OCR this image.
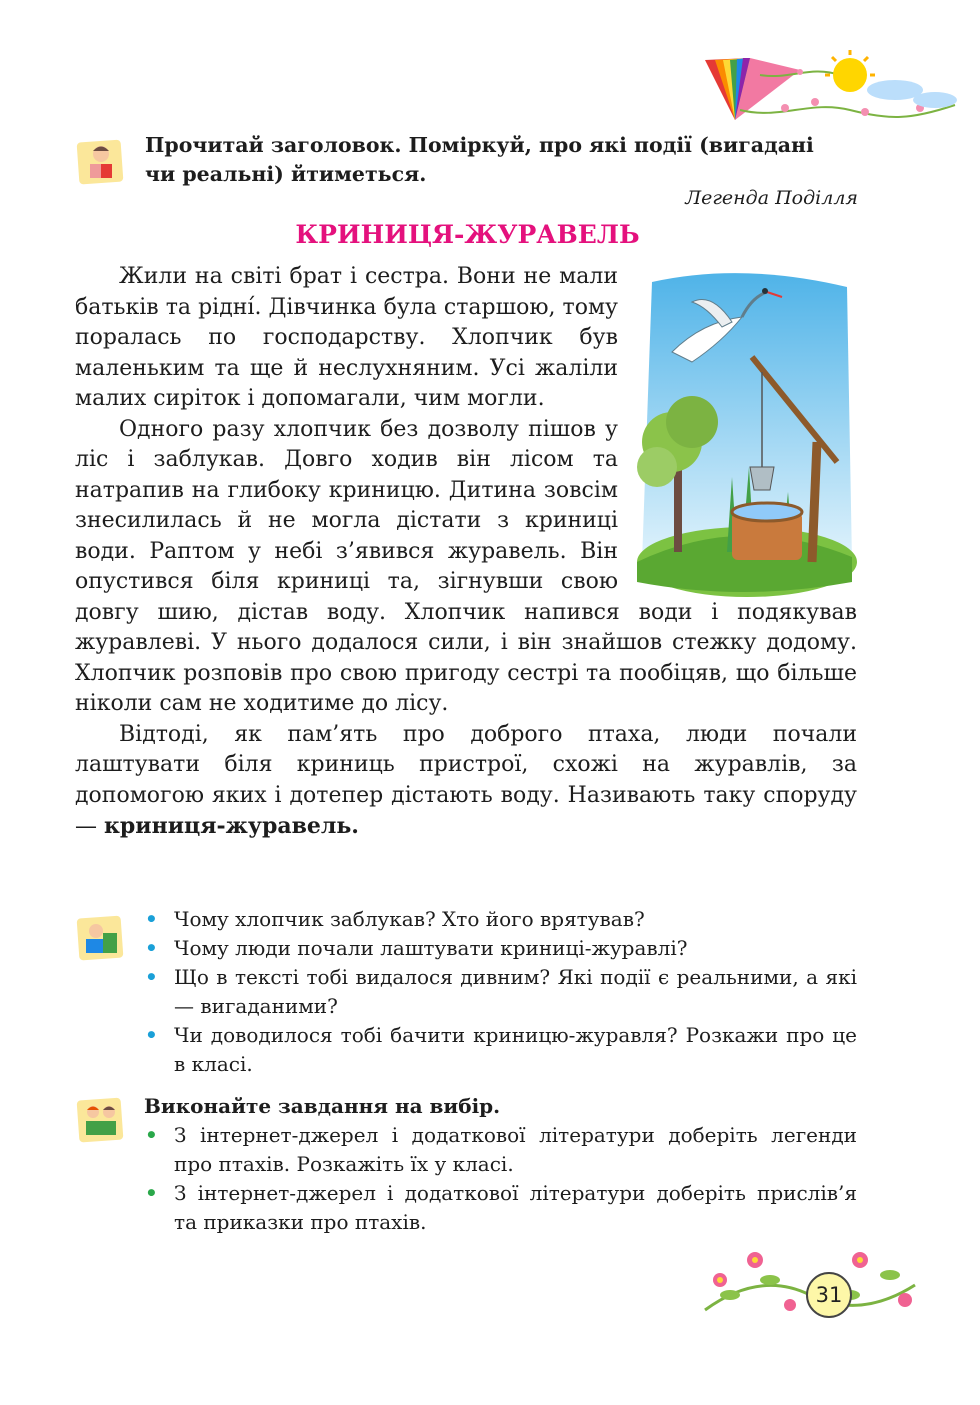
Прочитай заголовок. Поміркуй, про які події (вигадані чи реальні) йтиметься.
Легенда Поділля
КРИНИЦЯ-ЖУРАВЕЛЬ

Жили на світі брат і сестра. Вони не мали батьків та рідні́. Дівчинка була старшою, тому поралась по господарству. Хлопчик був маленьким та ще й неслухняним. Усі жаліли малих сиріток і допомагали, чим могли.

Одного разу хлопчик без дозволу пішов у ліс і заблукав. Довго ходив він лісом та натрапив на глибоку криницю. Дитина зовсім знесилилась й не могла дістати з криниці води. Раптом у небі з’явився журавель. Він опустився біля криниці та, зігнувши свою довгу шию, дістав воду. Хлопчик напився води і подякував журавлеві. У нього додалося сили, і він знайшов стежку додому. Хлопчик розповів про свою пригоду сестрі та пообіцяв, що більше ніколи сам не ходитиме до лісу.

Відтоді, як пам’ять про доброго птаха, люди почали лаштувати біля криниць пристрої, схожі на журавлів, за допомогою яких і дотепер дістають воду. Називають таку споруду — криниця-журавель.

• Чому хлопчик заблукав? Хто його врятував?
• Чому люди почали лаштувати криниці-журавлі?
• Що в тексті тобі видалося дивним? Які події є реальними, а які — вигаданими?
• Чи доводилося тобі бачити криницю-журавля? Розкажи про це в класі.
Виконайте завдання на вибір.
• З інтернет-джерел і додаткової літератури доберіть легенди про птахів. Розкажіть їх у класі.
• З інтернет-джерел і додаткової літератури доберіть прислів’я та приказки про птахів.
31
